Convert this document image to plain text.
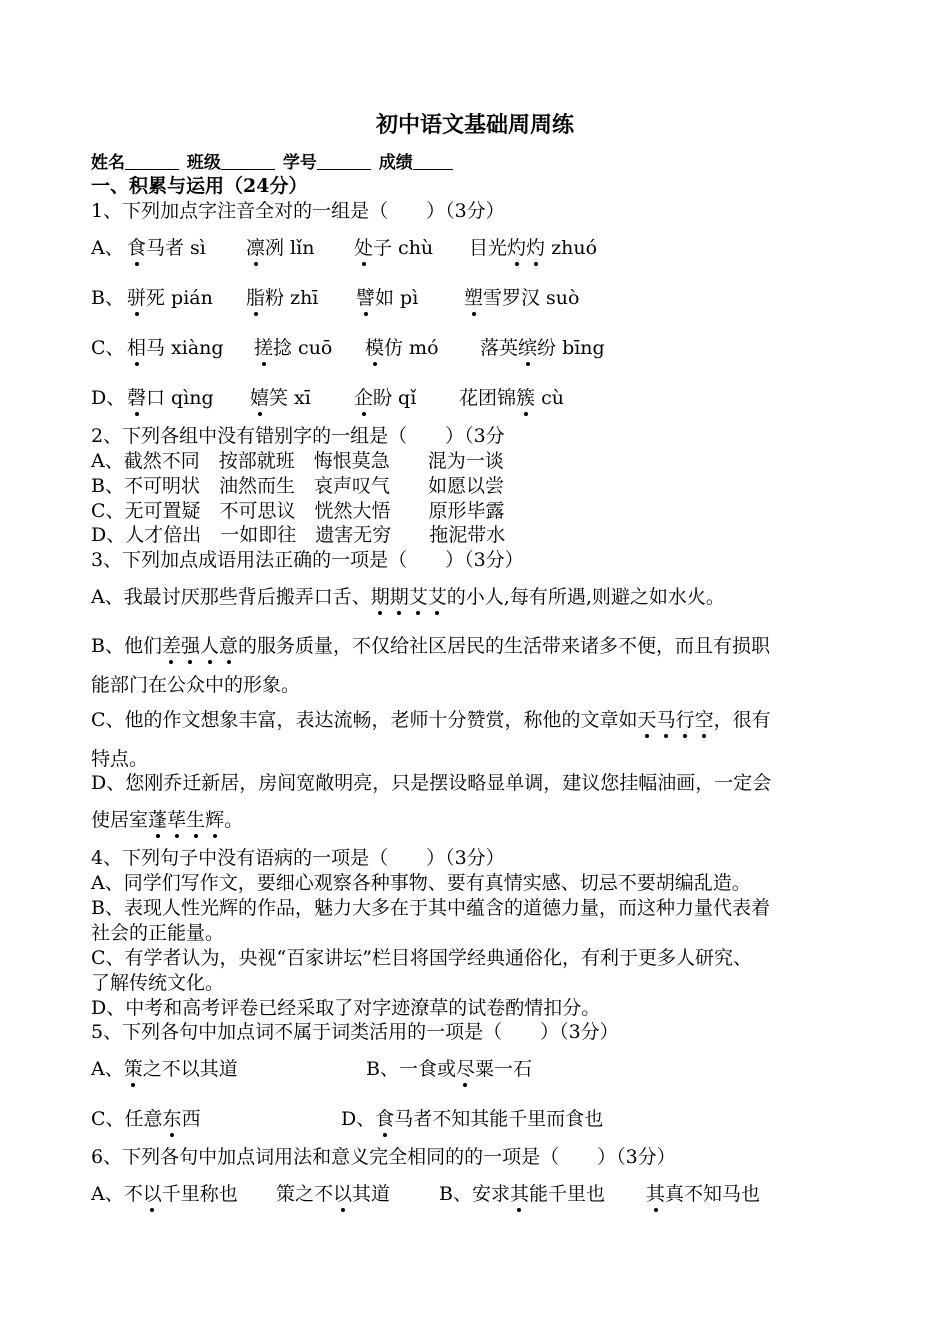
初中语文基础周周练
姓名	班级	学号	成绩
一、积累与运用（24分）
1、下列加点字注音全对的一组是（　　）（3分）
A、 食马者 sì 凛冽 lǐn 处子 chù 目光灼灼 zhuó
B、 骈死 pián 脂粉 zhī 譬如 pì 塑雪罗汉 suò
C、 相马 xiàng 搓捻 cuō 模仿 mó 落英缤纷 bīng
D、 磬口 qìng 嬉笑 xī 企盼 qǐ 花团锦簇 cù
2、下列各组中没有错别字的一组是（　　）（3分
A、截然不同　按部就班　悔恨莫急　　混为一谈
B、不可明状　油然而生　哀声叹气　　如愿以尝
C、无可置疑　不可思议　恍然大悟　　原形毕露
D、人才倍出　一如即往　遗害无穷　　拖泥带水
3、下列加点成语用法正确的一项是（　　）（3分）
A、我最讨厌那些背后搬弄口舌、期期艾艾的小人,每有所遇,则避之如水火。
B、他们差强人意的服务质量，不仅给社区居民的生活带来诸多不便，而且有损职
能部门在公众中的形象。
C、他的作文想象丰富，表达流畅，老师十分赞赏，称他的文章如天马行空，很有
特点。
D、您刚乔迁新居，房间宽敞明亮，只是摆设略显单调，建议您挂幅油画，一定会
使居室蓬荜生辉。
4、下列句子中没有语病的一项是（　　）（3分）
A、同学们写作文，要细心观察各种事物、要有真情实感、切忌不要胡编乱造。
B、表现人性光辉的作品，魅力大多在于其中蕴含的道德力量，而这种力量代表着
社会的正能量。
C、有学者认为，央视“百家讲坛”栏目将国学经典通俗化，有利于更多人研究、
了解传统文化。
D、中考和高考评卷已经采取了对字迹潦草的试卷酌情扣分。
5、下列各句中加点词不属于词类活用的一项是（　　）（3分）
A、策之不以其道	B、一食或尽粟一石
C、任意东西	D、食马者不知其能千里而食也
6、下列各句中加点词用法和意义完全相同的的一项是（　　）（3分）
A、不以千里称也 策之不以其道	B、安求其能千里也 其真不知马也
